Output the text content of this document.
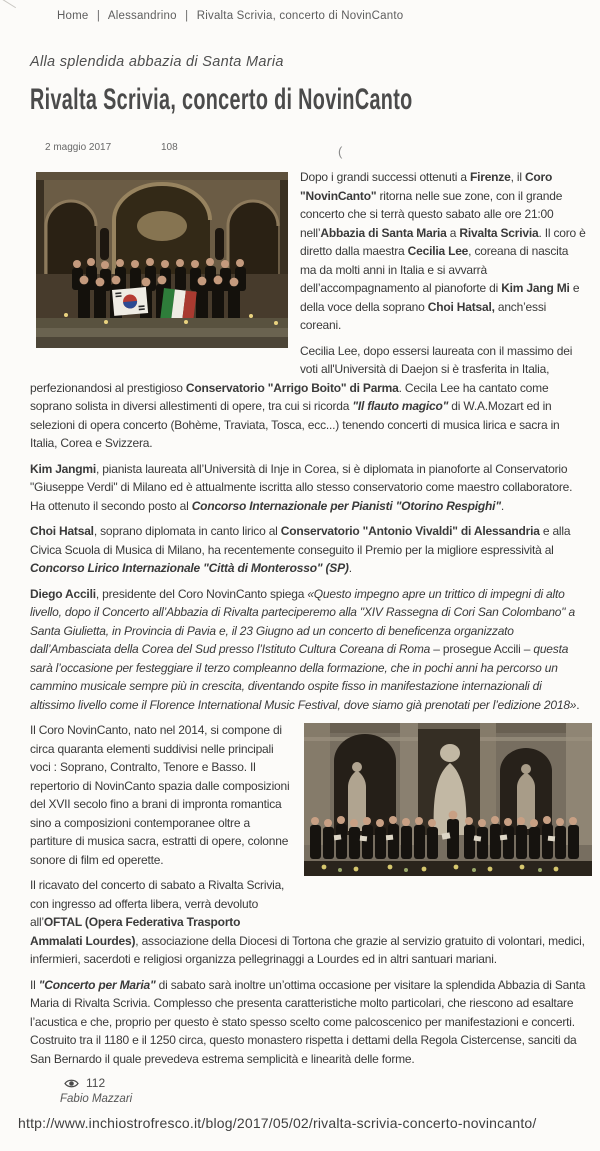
Home | Alessandrino | Rivalta Scrivia, concerto di NovinCanto
(

Alla splendida abbazia di Santa Maria

Rivalta Scrivia, concerto di NovinCanto
2 maggio 2017	108

Dopo i grandi successi ottenuti a Firenze, il Coro "NovinCanto" ritorna nelle sue zone, con il grande concerto che si terrà questo sabato alle ore 21:00 nell’Abbazia di Santa Maria a Rivalta Scrivia. Il coro è diretto dalla maestra Cecilia Lee, coreana di nascita ma da molti anni in Italia e si avvarrà dell’accompagnamento al pianoforte di Kim Jang Mi e della voce della soprano Choi Hatsal, anch’essi coreani.

Cecilia Lee, dopo essersi laureata con il massimo dei voti all'Università di Daejon si è trasferita in Italia, perfezionandosi al prestigioso Conservatorio "Arrigo Boito" di Parma. Cecila Lee ha cantato come soprano solista in diversi allestimenti di opere, tra cui si ricorda "Il flauto magico" di W.A.Mozart ed in selezioni di opera concerto (Bohème, Traviata, Tosca, ecc...) tenendo concerti di musica lirica e sacra in Italia, Corea e Svizzera.

Kim Jangmi, pianista laureata all’Università di Inje in Corea, si è diplomata in pianoforte al Conservatorio "Giuseppe Verdi" di Milano ed è attualmente iscritta allo stesso conservatorio come maestro collaboratore. Ha ottenuto il secondo posto al Concorso Internazionale per Pianisti "Otorino Respighi".

Choi Hatsal, soprano diplomata in canto lirico al Conservatorio "Antonio Vivaldi" di Alessandria e alla Civica Scuola di Musica di Milano, ha recentemente conseguito il Premio per la migliore espressività al Concorso Lirico Internazionale "Città di Monterosso" (SP).

Diego Accili, presidente del Coro NovinCanto spiega «Questo impegno apre un trittico di impegni di alto livello, dopo il Concerto all’Abbazia di Rivalta parteciperemo alla "XIV Rassegna di Cori San Colombano" a Santa Giulietta, in Provincia di Pavia e, il 23 Giugno ad un concerto di beneficenza organizzato dall’Ambasciata della Corea del Sud presso l’Istituto Cultura Coreana di Roma – prosegue Accili – questa sarà l’occasione per festeggiare il terzo compleanno della formazione, che in pochi anni ha percorso un cammino musicale sempre più in crescita, diventando ospite fisso in manifestazione internazionali di altissimo livello come il Florence International Music Festival, dove siamo già prenotati per l’edizione 2018».

Il Coro NovinCanto, nato nel 2014, si compone di circa quaranta elementi suddivisi nelle principali voci : Soprano, Contralto, Tenore e Basso. Il repertorio di NovinCanto spazia dalle composizioni del XVII secolo fino a brani di impronta romantica sino a composizioni contemporanee oltre a partiture di musica sacra, estratti di opere, colonne sonore di film ed operette.

Il ricavato del concerto di sabato a Rivalta Scrivia, con ingresso ad offerta libera, verrà devoluto all’OFTAL (Opera Federativa Trasporto Ammalati Lourdes), associazione della Diocesi di Tortona che grazie al servizio gratuito di volontari, medici, infermieri, sacerdoti e religiosi organizza pellegrinaggi a Lourdes ed in altri santuari mariani.

Il "Concerto per Maria" di sabato sarà inoltre un’ottima occasione per visitare la splendida Abbazia di Santa Maria di Rivalta Scrivia. Complesso che presenta caratteristiche molto particolari, che riescono ad esaltare l’acustica e che, proprio per questo è stato spesso scelto come palcoscenico per manifestazioni e concerti. Costruito tra il 1180 e il 1250 circa, questo monastero rispetta i dettami della Regola Cistercense, sanciti da San Bernardo il quale prevedeva estrema semplicità e linearità delle forme.

112
Fabio Mazzari
http://www.inchiostrofresco.it/blog/2017/05/02/rivalta-scrivia-concerto-novincanto/
